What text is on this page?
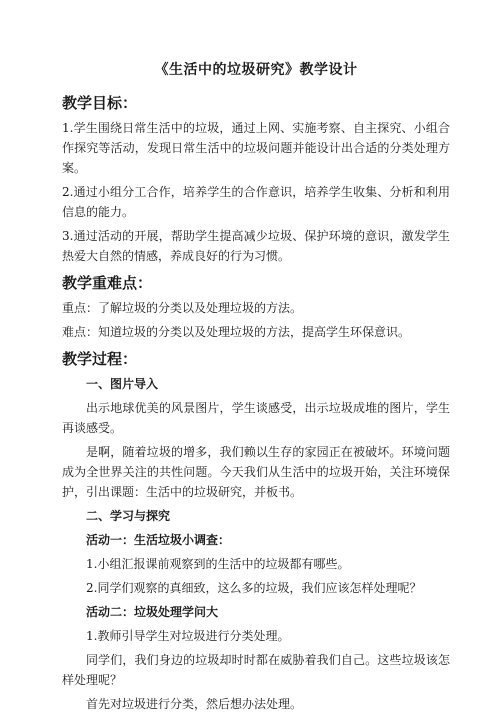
《生活中的垃圾研究》教学设计
教学目标：

1.学生围绕日常生活中的垃圾，通过上网、实施考察、自主探究、小组合作探究等活动，发现日常生活中的垃圾问题并能设计出合适的分类处理方案。

2.通过小组分工合作，培养学生的合作意识，培养学生收集、分析和利用信息的能力。

3.通过活动的开展，帮助学生提高减少垃圾、保护环境的意识，激发学生热爱大自然的情感，养成良好的行为习惯。

教学重难点：

重点：了解垃圾的分类以及处理垃圾的方法。

难点：知道垃圾的分类以及处理垃圾的方法，提高学生环保意识。

教学过程：
一、图片导入

出示地球优美的风景图片，学生谈感受，出示垃圾成堆的图片，学生再谈感受。

是啊，随着垃圾的增多，我们赖以生存的家园正在被破坏。环境问题成为全世界关注的共性问题。今天我们从生活中的垃圾开始，关注环境保护，引出课题：生活中的垃圾研究，并板书。

二、学习与探究
活动一：生活垃圾小调查：

1.小组汇报课前观察到的生活中的垃圾都有哪些。

2.同学们观察的真细致，这么多的垃圾，我们应该怎样处理呢？

活动二：垃圾处理学问大

1.教师引导学生对垃圾进行分类处理。

同学们，我们身边的垃圾却时时都在威胁着我们自己。这些垃圾该怎样处理呢？

首先对垃圾进行分类，然后想办法处理。
